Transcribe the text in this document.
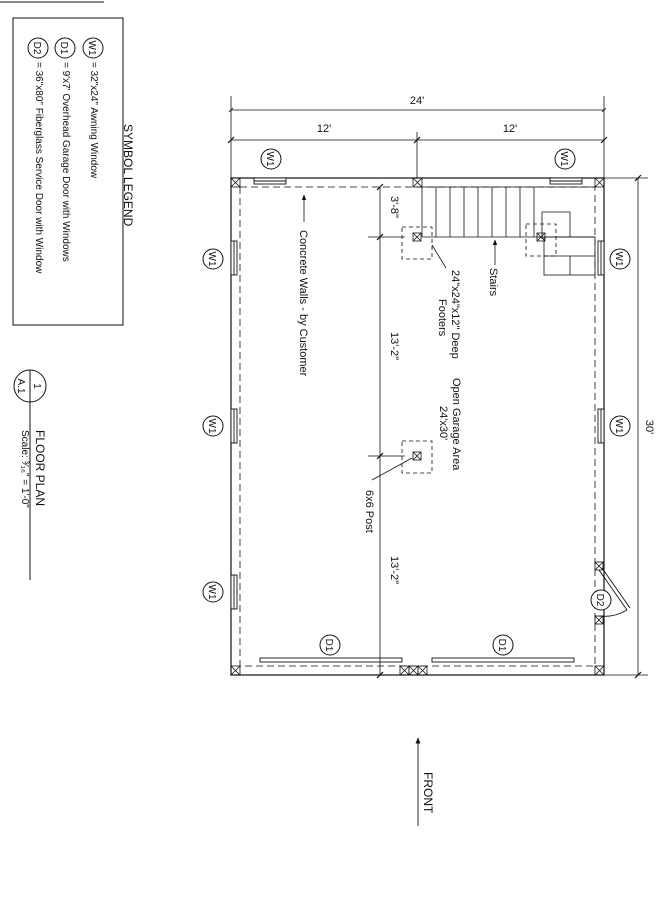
SYMBOL LEGEND
W1
= 32"x24" Awning Window
D1
= 9'x7' Overhead Garage Door with Windows
D2
= 36"x80" Fiberglass Service Door with Window
1
A.1
FLOOR PLAN
Scale: ³⁄₁₆" = 1'-0"
24'
12'	12'
30'
W1	W1
W1
W1
W1
W1
W1
D1	D1
D2
3'-8"
13'-2"
13'-2"
Concrete Walls - by Customer	Stairs
24"x24"x12" Deep
Footers
Open Garage Area
24'x30'
6x6 Post
FRONT
